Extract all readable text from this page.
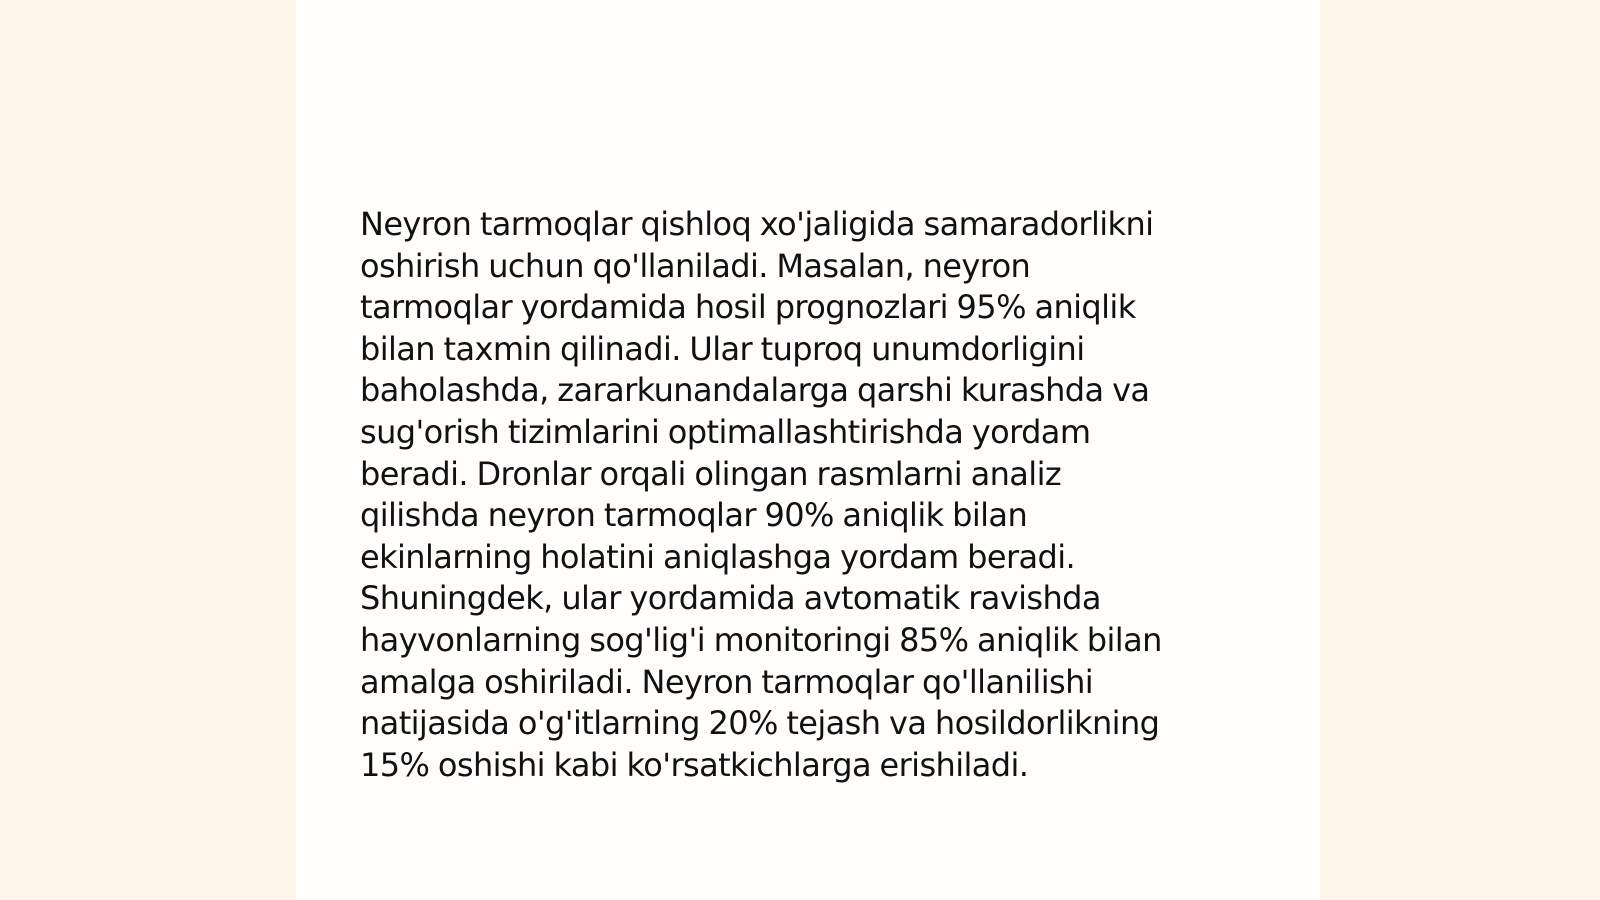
Neyron tarmoqlar qishloq xo'jaligida samaradorlikni
oshirish uchun qo'llaniladi. Masalan, neyron
tarmoqlar yordamida hosil prognozlari 95% aniqlik
bilan taxmin qilinadi. Ular tuproq unumdorligini
baholashda, zararkunandalarga qarshi kurashda va
sug'orish tizimlarini optimallashtirishda yordam
beradi. Dronlar orqali olingan rasmlarni analiz
qilishda neyron tarmoqlar 90% aniqlik bilan
ekinlarning holatini aniqlashga yordam beradi.
Shuningdek, ular yordamida avtomatik ravishda
hayvonlarning sog'lig'i monitoringi 85% aniqlik bilan
amalga oshiriladi. Neyron tarmoqlar qo'llanilishi
natijasida o'g'itlarning 20% tejash va hosildorlikning
15% oshishi kabi ko'rsatkichlarga erishiladi.
